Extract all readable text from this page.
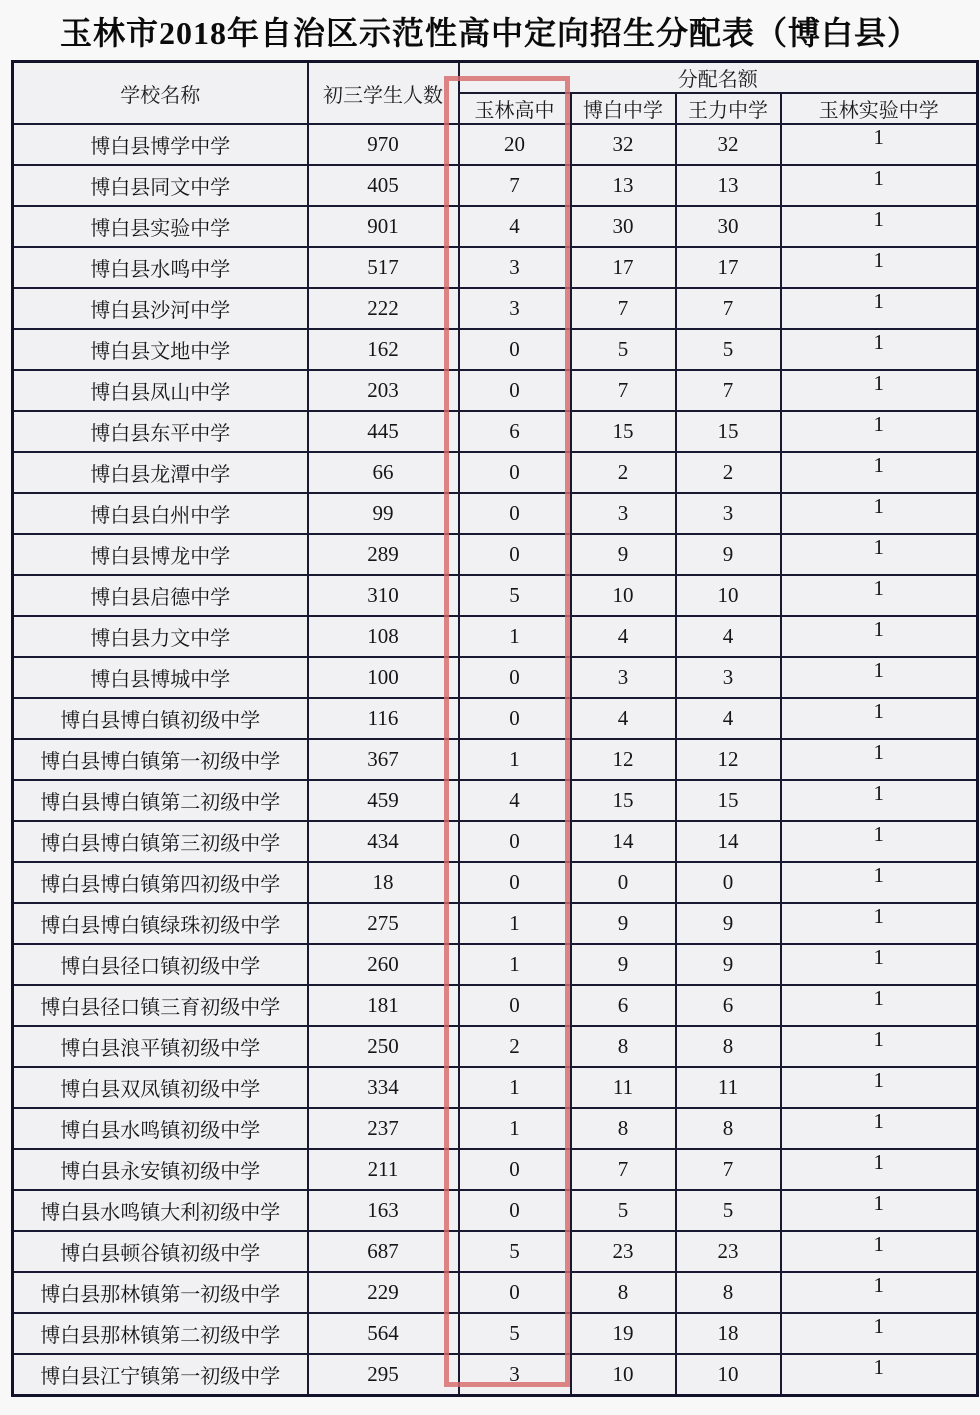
玉林市2018年自治区示范性高中定向招生分配表（博白县）
学校名称	初三学生人数	分配名额			
		玉林高中	博白中学	王力中学	玉林实验中学
博白县博学中学	970	20	32	32	1
博白县同文中学	405	7	13	13	1
博白县实验中学	901	4	30	30	1
博白县水鸣中学	517	3	17	17	1
博白县沙河中学	222	3	7	7	1
博白县文地中学	162	0	5	5	1
博白县凤山中学	203	0	7	7	1
博白县东平中学	445	6	15	15	1
博白县龙潭中学	66	0	2	2	1
博白县白州中学	99	0	3	3	1
博白县博龙中学	289	0	9	9	1
博白县启德中学	310	5	10	10	1
博白县力文中学	108	1	4	4	1
博白县博城中学	100	0	3	3	1
博白县博白镇初级中学	116	0	4	4	1
博白县博白镇第一初级中学	367	1	12	12	1
博白县博白镇第二初级中学	459	4	15	15	1
博白县博白镇第三初级中学	434	0	14	14	1
博白县博白镇第四初级中学	18	0	0	0	1
博白县博白镇绿珠初级中学	275	1	9	9	1
博白县径口镇初级中学	260	1	9	9	1
博白县径口镇三育初级中学	181	0	6	6	1
博白县浪平镇初级中学	250	2	8	8	1
博白县双凤镇初级中学	334	1	11	11	1
博白县水鸣镇初级中学	237	1	8	8	1
博白县永安镇初级中学	211	0	7	7	1
博白县水鸣镇大利初级中学	163	0	5	5	1
博白县顿谷镇初级中学	687	5	23	23	1
博白县那林镇第一初级中学	229	0	8	8	1
博白县那林镇第二初级中学	564	5	19	18	1
博白县江宁镇第一初级中学	295	3	10	10	1
